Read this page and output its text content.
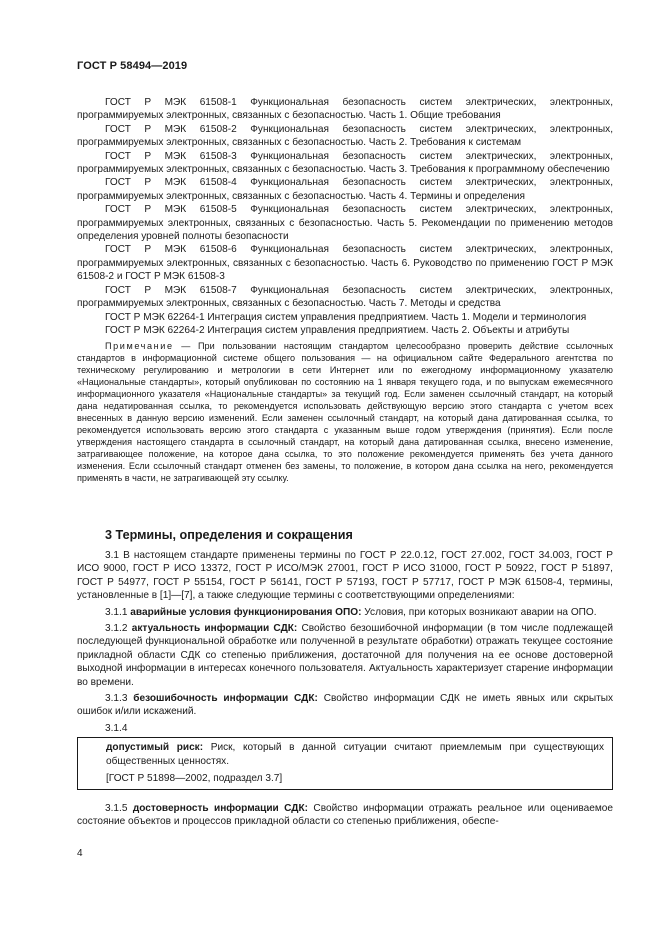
ГОСТ Р 58494—2019

ГОСТ Р МЭК 61508-1 Функциональная безопасность систем электрических, электронных, программируемых электронных, связанных с безопасностью. Часть 1. Общие требования

ГОСТ Р МЭК 61508-2 Функциональная безопасность систем электрических, электронных, программируемых электронных, связанных с безопасностью. Часть 2. Требования к системам

ГОСТ Р МЭК 61508-3 Функциональная безопасность систем электрических, электронных, программируемых электронных, связанных с безопасностью. Часть 3. Требования к программному обеспечению

ГОСТ Р МЭК 61508-4 Функциональная безопасность систем электрических, электронных, программируемых электронных, связанных с безопасностью. Часть 4. Термины и определения

ГОСТ Р МЭК 61508-5 Функциональная безопасность систем электрических, электронных, программируемых электронных, связанных с безопасностью. Часть 5. Рекомендации по применению методов определения уровней полноты безопасности

ГОСТ Р МЭК 61508-6 Функциональная безопасность систем электрических, электронных, программируемых электронных, связанных с безопасностью. Часть 6. Руководство по применению ГОСТ Р МЭК 61508-2 и ГОСТ Р МЭК 61508-3

ГОСТ Р МЭК 61508-7 Функциональная безопасность систем электрических, электронных, программируемых электронных, связанных с безопасностью. Часть 7. Методы и средства

ГОСТ Р МЭК 62264-1 Интеграция систем управления предприятием. Часть 1. Модели и терминология

ГОСТ Р МЭК 62264-2 Интеграция систем управления предприятием. Часть 2. Объекты и атрибуты

Примечание — При пользовании настоящим стандартом целесообразно проверить действие ссылочных стандартов в информационной системе общего пользования — на официальном сайте Федерального агентства по техническому регулированию и метрологии в сети Интернет или по ежегодному информационному указателю «Национальные стандарты», который опубликован по состоянию на 1 января текущего года, и по выпускам ежемесячного информационного указателя «Национальные стандарты» за текущий год. Если заменен ссылочный стандарт, на который дана недатированная ссылка, то рекомендуется использовать действующую версию этого стандарта с учетом всех внесенных в данную версию изменений. Если заменен ссылочный стандарт, на который дана датированная ссылка, то рекомендуется использовать версию этого стандарта с указанным выше годом утверждения (принятия). Если после утверждения настоящего стандарта в ссылочный стандарт, на который дана датированная ссылка, внесено изменение, затрагивающее положение, на которое дана ссылка, то это положение рекомендуется применять без учета данного изменения. Если ссылочный стандарт отменен без замены, то положение, в котором дана ссылка на него, рекомендуется применять в части, не затрагивающей эту ссылку.

3 Термины, определения и сокращения

3.1 В настоящем стандарте применены термины по ГОСТ Р 22.0.12, ГОСТ 27.002, ГОСТ 34.003, ГОСТ Р ИСО 9000, ГОСТ Р ИСО 13372, ГОСТ Р ИСО/МЭК 27001, ГОСТ Р ИСО 31000, ГОСТ Р 50922, ГОСТ Р 51897, ГОСТ Р 54977, ГОСТ Р 55154, ГОСТ Р 56141, ГОСТ Р 57193, ГОСТ Р 57717, ГОСТ Р МЭК 61508-4, термины, установленные в [1]—[7], а также следующие термины с соответствующими определениями:

3.1.1 аварийные условия функционирования ОПО: Условия, при которых возникают аварии на ОПО.

3.1.2 актуальность информации СДК: Свойство безошибочной информации (в том числе подлежащей последующей функциональной обработке или полученной в результате обработки) отражать текущее состояние прикладной области СДК со степенью приближения, достаточной для получения на ее основе достоверной выходной информации в интересах конечного пользователя. Актуальность характеризует старение информации во времени.

3.1.3 безошибочность информации СДК: Свойство информации СДК не иметь явных или скрытых ошибок и/или искажений.

3.1.4

допустимый риск: Риск, который в данной ситуации считают приемлемым при существующих общественных ценностях.

[ГОСТ Р 51898—2002, подраздел 3.7]

3.1.5 достоверность информации СДК: Свойство информации отражать реальное или оцениваемое состояние объектов и процессов прикладной области со степенью приближения, обеспе-

4
